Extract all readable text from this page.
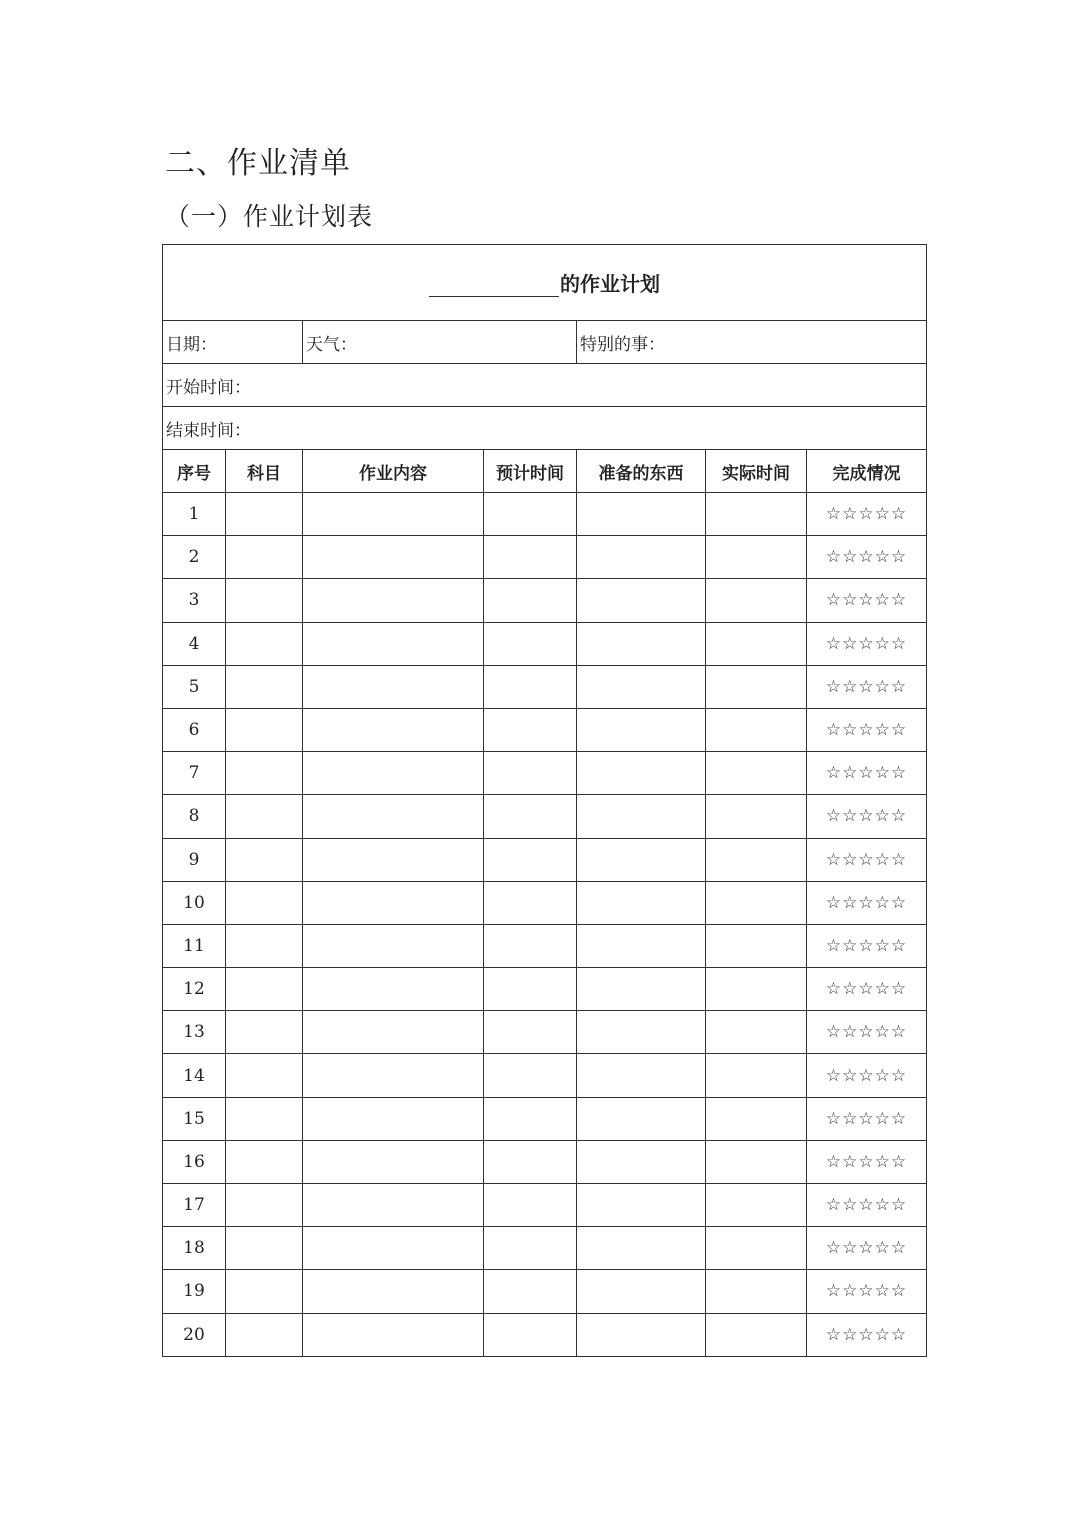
二、作业清单
（一）作业计划表
的作业计划						
日期：		天气：		特别的事：		
开始时间：						
结束时间：						
序号	科目	作业内容	预计时间	准备的东西	实际时间	完成情况
1						☆☆☆☆☆
2						☆☆☆☆☆
3						☆☆☆☆☆
4						☆☆☆☆☆
5						☆☆☆☆☆
6						☆☆☆☆☆
7						☆☆☆☆☆
8						☆☆☆☆☆
9						☆☆☆☆☆
10						☆☆☆☆☆
11						☆☆☆☆☆
12						☆☆☆☆☆
13						☆☆☆☆☆
14						☆☆☆☆☆
15						☆☆☆☆☆
16						☆☆☆☆☆
17						☆☆☆☆☆
18						☆☆☆☆☆
19						☆☆☆☆☆
20						☆☆☆☆☆
